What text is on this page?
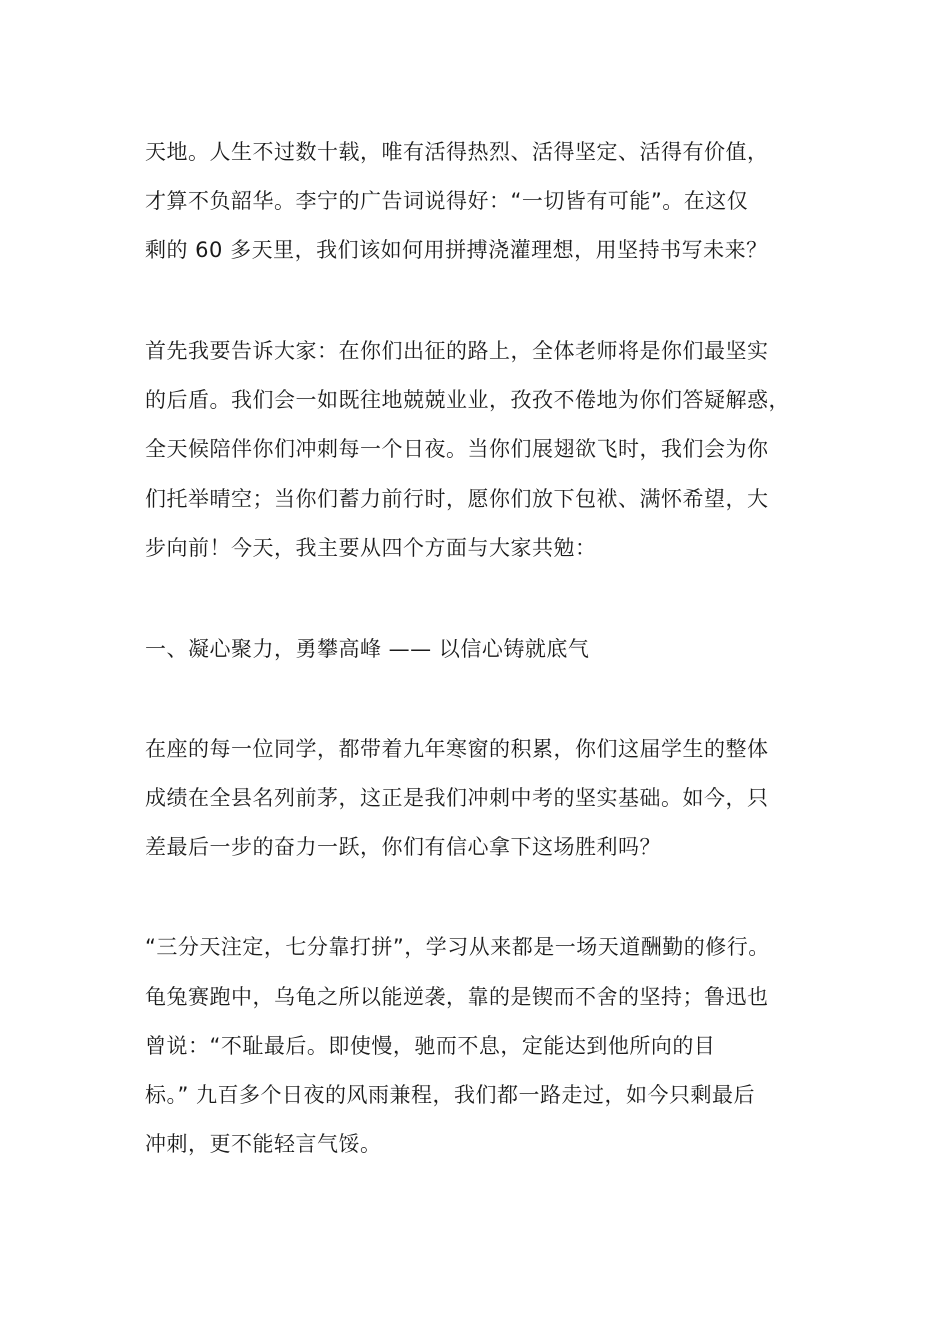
天地。人生不过数十载，唯有活得热烈、活得坚定、活得有价值，
才算不负韶华。李宁的广告词说得好：“一切皆有可能”。在这仅
剩的 60 多天里，我们该如何用拼搏浇灌理想，用坚持书写未来？
首先我要告诉大家：在你们出征的路上，全体老师将是你们最坚实
的后盾。我们会一如既往地兢兢业业，孜孜不倦地为你们答疑解惑，
全天候陪伴你们冲刺每一个日夜。当你们展翅欲飞时，我们会为你
们托举晴空；当你们蓄力前行时，愿你们放下包袱、满怀希望，大
步向前！今天，我主要从四个方面与大家共勉：
一、凝心聚力，勇攀高峰 —— 以信心铸就底气
在座的每一位同学，都带着九年寒窗的积累，你们这届学生的整体
成绩在全县名列前茅，这正是我们冲刺中考的坚实基础。如今，只
差最后一步的奋力一跃，你们有信心拿下这场胜利吗？
“三分天注定，七分靠打拼”，学习从来都是一场天道酬勤的修行。
龟兔赛跑中，乌龟之所以能逆袭，靠的是锲而不舍的坚持；鲁迅也
曾说：“不耻最后。即使慢，驰而不息，定能达到他所向的目
标。” 九百多个日夜的风雨兼程，我们都一路走过，如今只剩最后
冲刺，更不能轻言气馁。
